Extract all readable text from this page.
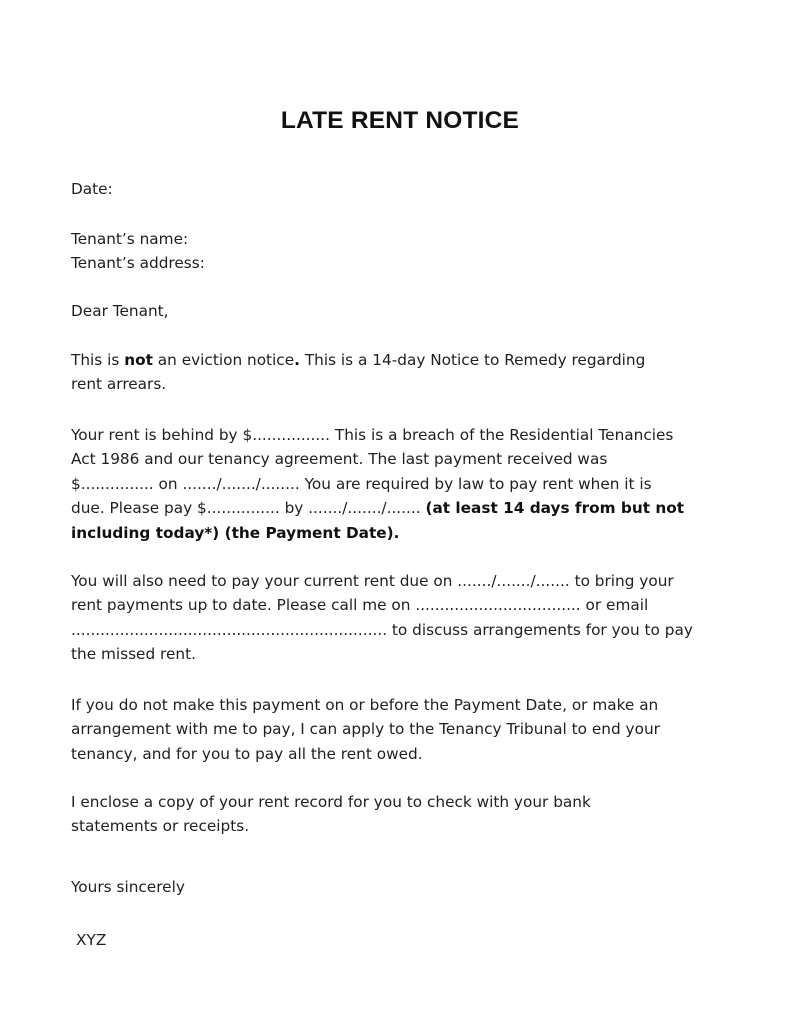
LATE RENT NOTICE
Date:
Tenant’s name:
Tenant’s address:
Dear Tenant,
This is not an eviction notice. This is a 14-day Notice to Remedy regarding
rent arrears.
Your rent is behind by $................ This is a breach of the Residential Tenancies
Act 1986 and our tenancy agreement. The last payment received was
$............... on ......./......./........ You are required by law to pay rent when it is
due. Please pay $............... by ......./......./....... (at least 14 days from but not
including today*) (the Payment Date).
You will also need to pay your current rent due on ......./......./....... to bring your
rent payments up to date. Please call me on .................................. or email
................................................................. to discuss arrangements for you to pay
the missed rent.
If you do not make this payment on or before the Payment Date, or make an
arrangement with me to pay, I can apply to the Tenancy Tribunal to end your
tenancy, and for you to pay all the rent owed.
I enclose a copy of your rent record for you to check with your bank
statements or receipts.
Yours sincerely
XYZ
